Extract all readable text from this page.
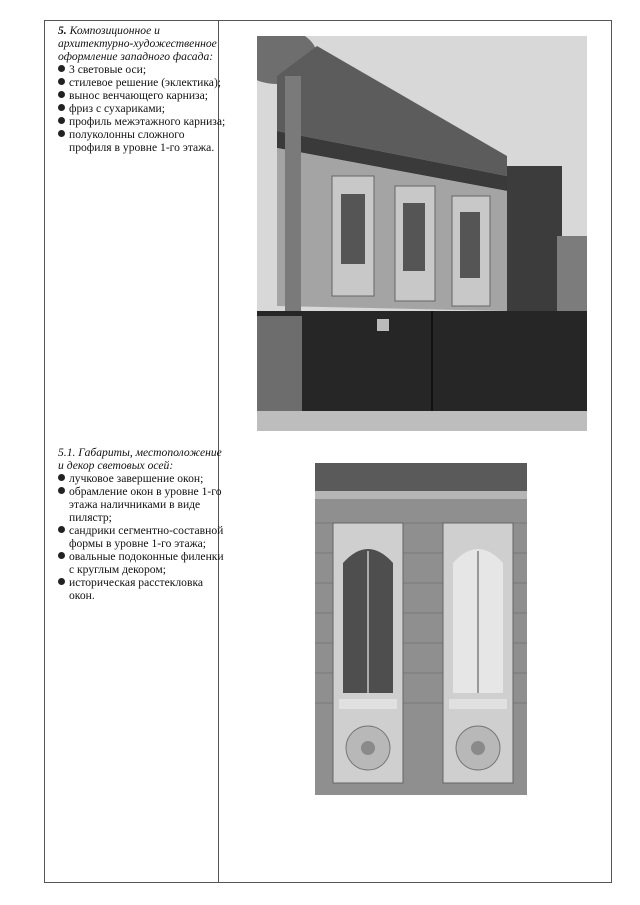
5. Композиционное и архитектурно-художественное оформление западного фасада:
3 световые оси;
стилевое решение (эклектика);
вынос венчающего карниза;
фриз с сухариками;
профиль межэтажного карниза;
полуколонны сложного профиля в уровне 1-го этажа.
5.1. Габариты, местоположение и декор световых осей:
лучковое завершение окон;
обрамление окон в уровне 1-го этажа наличниками в виде пилястр;
сандрики сегментно-составной формы в уровне 1-го этажа;
овальные подоконные филенки с круглым декором;
историческая расстекловка окон.
